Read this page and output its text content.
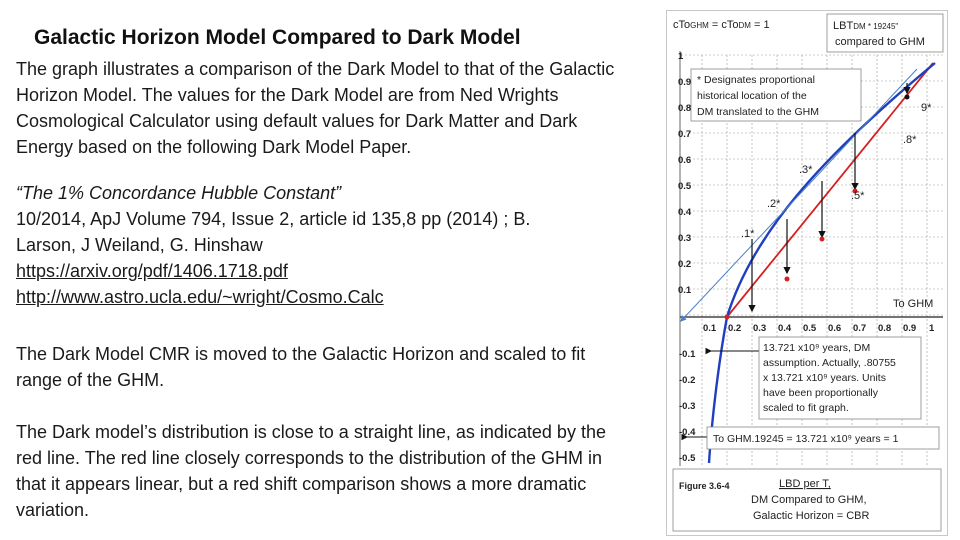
Galactic Horizon Model Compared to Dark Model
The graph illustrates a comparison of the Dark Model to that of the Galactic Horizon Model. The values for the Dark Model are from Ned Wrights Cosmological Calculator using default values for Dark Matter and Dark Energy based on the following Dark Model Paper.
“The 1% Concordance Hubble Constant”
10/2014, ApJ Volume 794, Issue 2, article id 135,8 pp (2014) ; B.
Larson, J Weiland, G. Hinshaw
https://arxiv.org/pdf/1406.1718.pdf
http://www.astro.ucla.edu/~wright/Cosmo.Calc
The Dark Model CMR is moved to the Galactic Horizon and scaled to fit range of the GHM.
The Dark model’s distribution is close to a straight line, as indicated by the red line. The red line closely corresponds to the distribution of the GHM in that it appears linear, but a red shift comparison shows a more dramatic variation.
cToGHM = cToDM = 1	LBTDM * 19245"
compared to GHM
* Designates proportional
historical location of the
DM translated to the GHM
1
0.9
0.8
0.7
0.6
0.5
0.4
0.3
0.2
0.1
9*
.8*
.3*
.5*
.2*
.1*
To GHM
0.1 0.2 0.3 0.4 0.5 0.6 0.7 0.8 0.9 1
-0.1
-0.2
-0.3
-0.4
-0.5
13.721 x10⁹ years, DM
assumption. Actually, .80755
x 13.721 x10⁹ years. Units
have been proportionally
scaled to fit graph.
To GHM.19245 = 13.721 x10⁹ years = 1
Figure 3.6-4	LBD per T,
DM Compared to GHM,
Galactic Horizon = CBR
